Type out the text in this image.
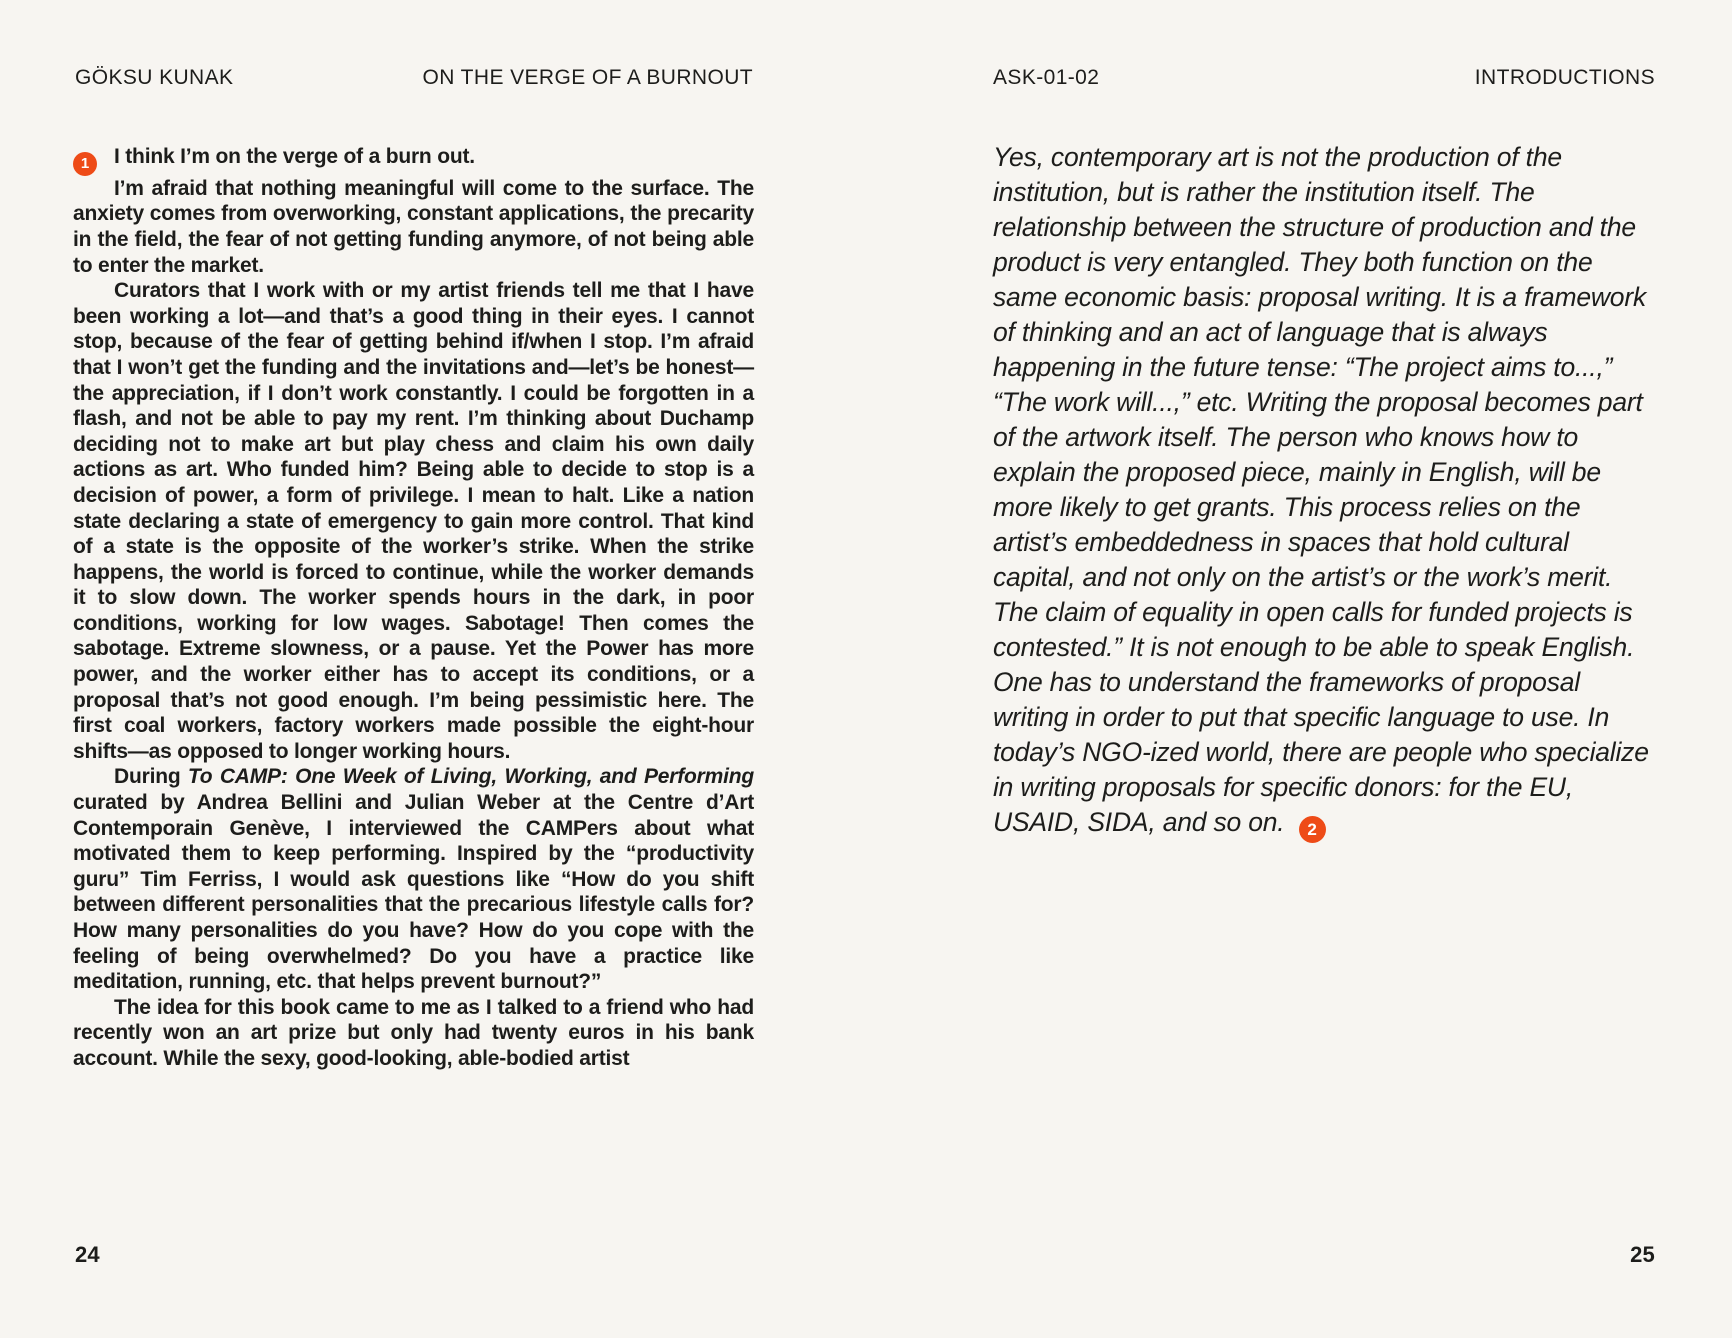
GÖKSU KUNAK	ON THE VERGE OF A BURNOUT

1 I think I’m on the verge of a burn out.

I’m afraid that nothing meaningful will come to the surface. The anxiety comes from overworking, constant applications, the precarity in the field, the fear of not getting funding anymore, of not being able to enter the market.

Curators that I work with or my artist friends tell me that I have been working a lot—and that’s a good thing in their eyes. I cannot stop, because of the fear of getting behind if/when I stop. I’m afraid that I won’t get the funding and the invitations and—let’s be honest—the appreciation, if I don’t work constantly. I could be forgotten in a flash, and not be able to pay my rent. I’m thinking about Duchamp deciding not to make art but play chess and claim his own daily actions as art. Who funded him? Being able to decide to stop is a decision of power, a form of privilege. I mean to halt. Like a nation state declaring a state of emergency to gain more control. That kind of a state is the opposite of the worker’s strike. When the strike happens, the world is forced to continue, while the worker demands it to slow down. The worker spends hours in the dark, in poor conditions, working for low wages. Sabotage! Then comes the sabotage. Extreme slowness, or a pause. Yet the Power has more power, and the worker either has to accept its conditions, or a proposal that’s not good enough. I’m being pessimistic here. The first coal workers, factory workers made possible the eight-hour shifts—as opposed to longer working hours.

During To CAMP: One Week of Living, Working, and Performing curated by Andrea Bellini and Julian Weber at the Centre d’Art Contemporain Genève, I interviewed the CAMPers about what motivated them to keep performing. Inspired by the “productivity guru” Tim Ferriss, I would ask questions like “How do you shift between different personalities that the precarious lifestyle calls for? How many personalities do you have? How do you cope with the feeling of being overwhelmed? Do you have a practice like meditation, running, etc. that helps prevent burnout?”

The idea for this book came to me as I talked to a friend who had recently won an art prize but only had twenty euros in his bank account. While the sexy, good-looking, able-bodied artist

24
ASK-01-02	INTRODUCTIONS

Yes, contemporary art is not the production of the institution, but is rather the institution itself. The relationship between the structure of production and the product is very entangled. They both function on the same economic basis: proposal writing. It is a framework of thinking and an act of language that is always happening in the future tense: “The project aims to...,” “The work will...,” etc. Writing the proposal becomes part of the artwork itself. The person who knows how to explain the proposed piece, mainly in English, will be more likely to get grants. This process relies on the artist’s embeddedness in spaces that hold cultural capital, and not only on the artist’s or the work’s merit. The claim of equality in open calls for funded projects is contested.” It is not enough to be able to speak English. One has to understand the frameworks of proposal writing in order to put that specific language to use. In today’s NGO-ized world, there are people who specialize in writing proposals for specific donors: for the EU, USAID, SIDA, and so on. 2

25
